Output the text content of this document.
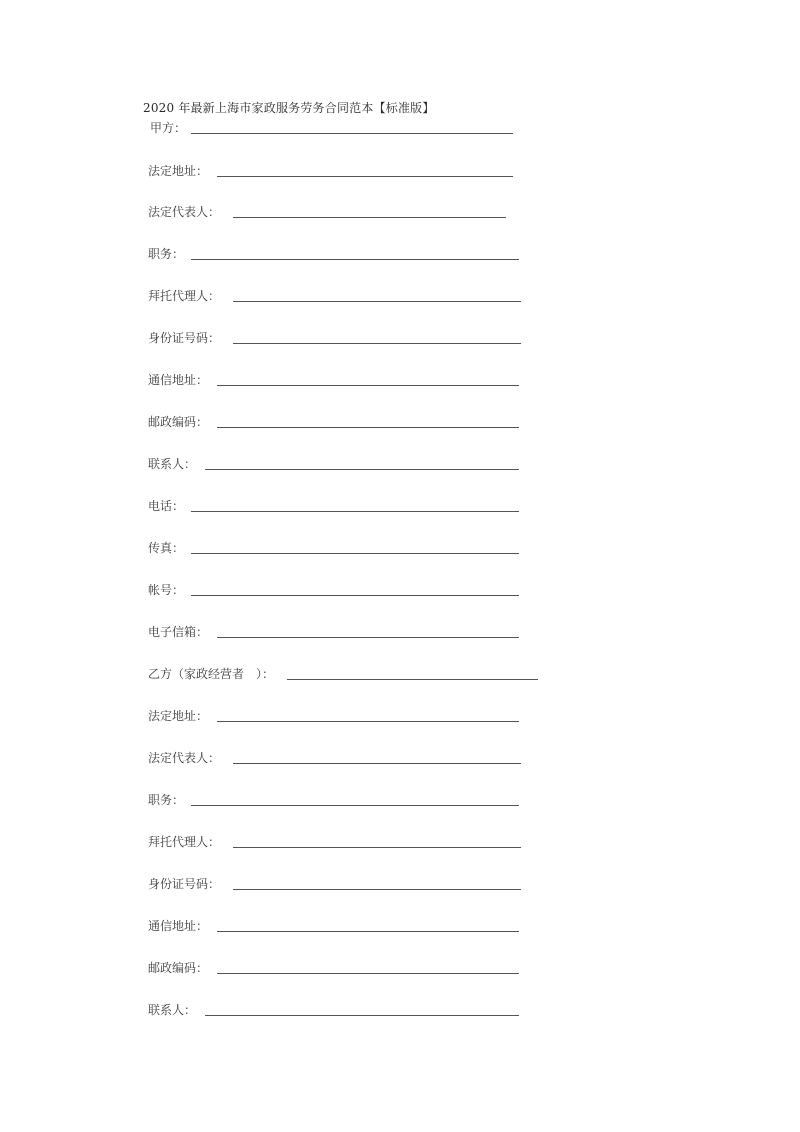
2020 年最新上海市家政服务劳务合同范本【标准版】
甲方：
法定地址：
法定代表人：
职务：
拜托代理人：
身份证号码：
通信地址：
邮政编码：
联系人：
电话：
传真：
帐号：
电子信箱：
乙方（家政经营者　）：
法定地址：
法定代表人：
职务：
拜托代理人：
身份证号码：
通信地址：
邮政编码：
联系人：
